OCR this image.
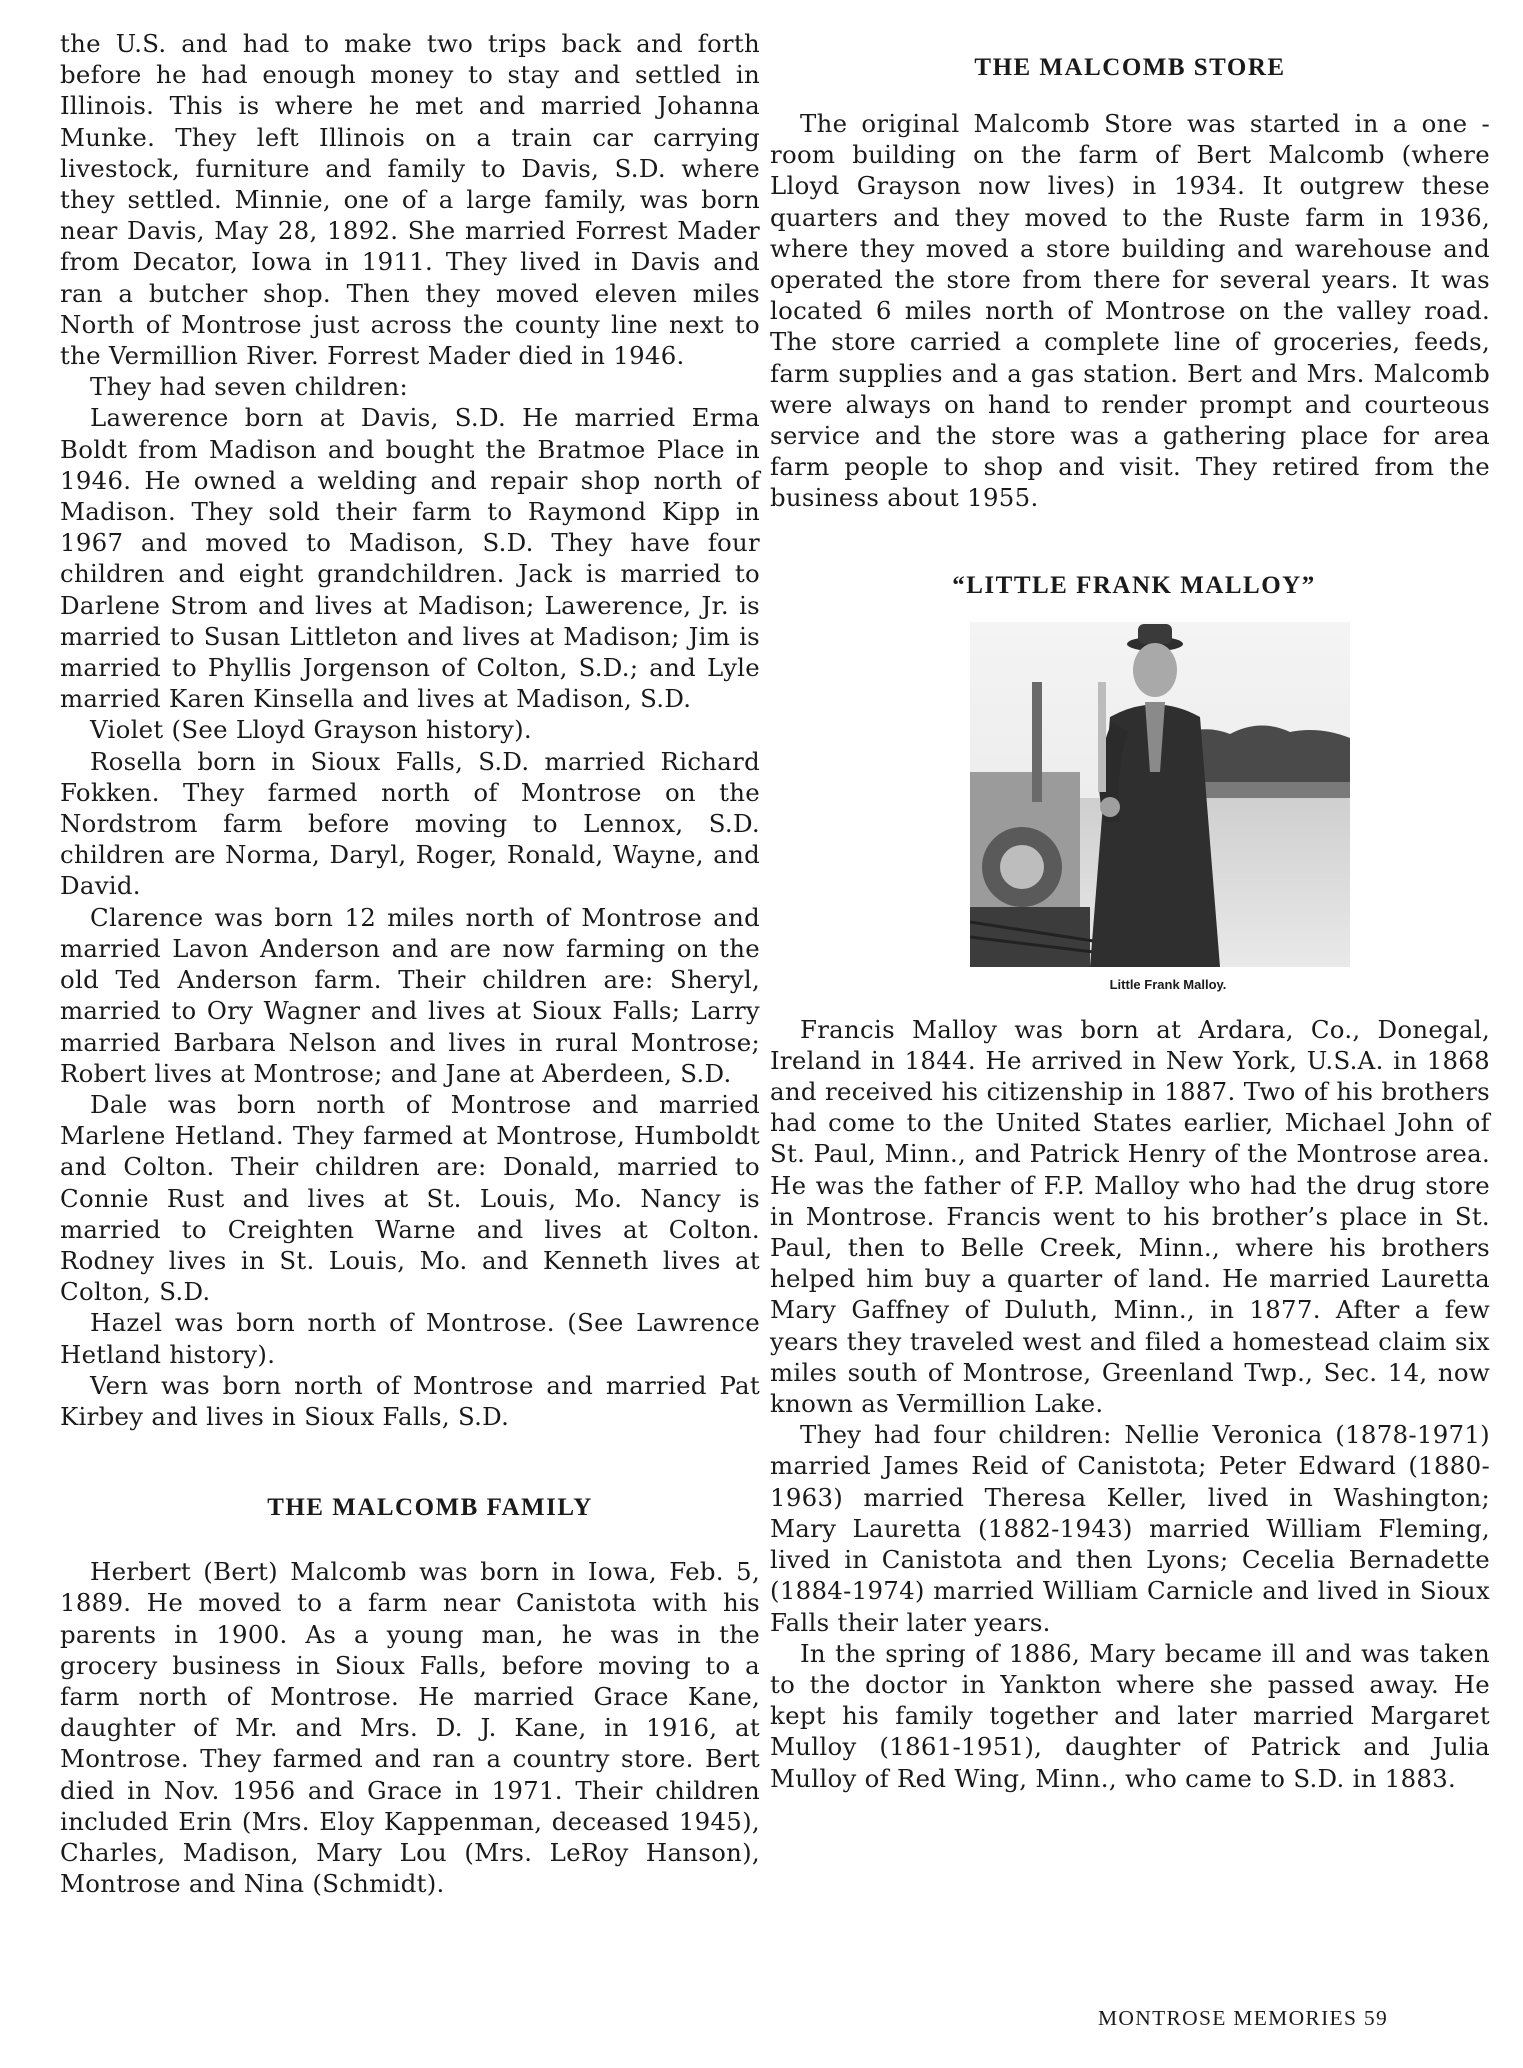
the U.S. and had to make two trips back and forth before he had enough money to stay and settled in Illinois. This is where he met and married Johanna Munke. They left Illinois on a train car carrying livestock, furniture and family to Davis, S.D. where they settled. Minnie, one of a large family, was born near Davis, May 28, 1892. She married Forrest Mader from Decator, Iowa in 1911. They lived in Davis and ran a butcher shop. Then they moved eleven miles North of Montrose just across the county line next to the Vermillion River. Forrest Mader died in 1946.

They had seven children:

Lawerence born at Davis, S.D. He married Erma Boldt from Madison and bought the Bratmoe Place in 1946. He owned a welding and repair shop north of Madison. They sold their farm to Raymond Kipp in 1967 and moved to Madison, S.D. They have four children and eight grandchildren. Jack is married to Darlene Strom and lives at Madison; Lawerence, Jr. is married to Susan Littleton and lives at Madison; Jim is married to Phyllis Jorgenson of Colton, S.D.; and Lyle married Karen Kinsella and lives at Madison, S.D.

Violet (See Lloyd Grayson history).

Rosella born in Sioux Falls, S.D. married Richard Fokken. They farmed north of Montrose on the Nordstrom farm before moving to Lennox, S.D. children are Norma, Daryl, Roger, Ronald, Wayne, and David.

Clarence was born 12 miles north of Montrose and married Lavon Anderson and are now farming on the old Ted Anderson farm. Their children are: Sheryl, married to Ory Wagner and lives at Sioux Falls; Larry married Barbara Nelson and lives in rural Montrose; Robert lives at Montrose; and Jane at Aberdeen, S.D.

Dale was born north of Montrose and married Marlene Hetland. They farmed at Montrose, Humboldt and Colton. Their children are: Donald, married to Connie Rust and lives at St. Louis, Mo. Nancy is married to Creighten Warne and lives at Colton. Rodney lives in St. Louis, Mo. and Kenneth lives at Colton, S.D.

Hazel was born north of Montrose. (See Lawrence Hetland history).

Vern was born north of Montrose and married Pat Kirbey and lives in Sioux Falls, S.D.

THE MALCOMB FAMILY

Herbert (Bert) Malcomb was born in Iowa, Feb. 5, 1889. He moved to a farm near Canistota with his parents in 1900. As a young man, he was in the grocery business in Sioux Falls, before moving to a farm north of Montrose. He married Grace Kane, daughter of Mr. and Mrs. D. J. Kane, in 1916, at Montrose. They farmed and ran a country store. Bert died in Nov. 1956 and Grace in 1971. Their children included Erin (Mrs. Eloy Kappenman, deceased 1945), Charles, Madison, Mary Lou (Mrs. LeRoy Hanson), Montrose and Nina (Schmidt).

THE MALCOMB STORE

The original Malcomb Store was started in a one - room building on the farm of Bert Malcomb (where Lloyd Grayson now lives) in 1934. It outgrew these quarters and they moved to the Ruste farm in 1936, where they moved a store building and warehouse and operated the store from there for several years. It was located 6 miles north of Montrose on the valley road. The store carried a complete line of groceries, feeds, farm supplies and a gas station. Bert and Mrs. Malcomb were always on hand to render prompt and courteous service and the store was a gathering place for area farm people to shop and visit. They retired from the business about 1955.

“LITTLE FRANK MALLOY”
Little Frank Malloy.

Francis Malloy was born at Ardara, Co., Donegal, Ireland in 1844. He arrived in New York, U.S.A. in 1868 and received his citizenship in 1887. Two of his brothers had come to the United States earlier, Michael John of St. Paul, Minn., and Patrick Henry of the Montrose area. He was the father of F.P. Malloy who had the drug store in Montrose. Francis went to his brother’s place in St. Paul, then to Belle Creek, Minn., where his brothers helped him buy a quarter of land. He married Lauretta Mary Gaffney of Duluth, Minn., in 1877. After a few years they traveled west and filed a homestead claim six miles south of Montrose, Greenland Twp., Sec. 14, now known as Vermillion Lake.

They had four children: Nellie Veronica (1878-1971) married James Reid of Canistota; Peter Edward (1880-1963) married Theresa Keller, lived in Washington; Mary Lauretta (1882-1943) married William Fleming, lived in Canistota and then Lyons; Cecelia Bernadette (1884-1974) married William Carnicle and lived in Sioux Falls their later years.

In the spring of 1886, Mary became ill and was taken to the doctor in Yankton where she passed away. He kept his family together and later married Margaret Mulloy (1861-1951), daughter of Patrick and Julia Mulloy of Red Wing, Minn., who came to S.D. in 1883.

MONTROSE MEMORIES 59
